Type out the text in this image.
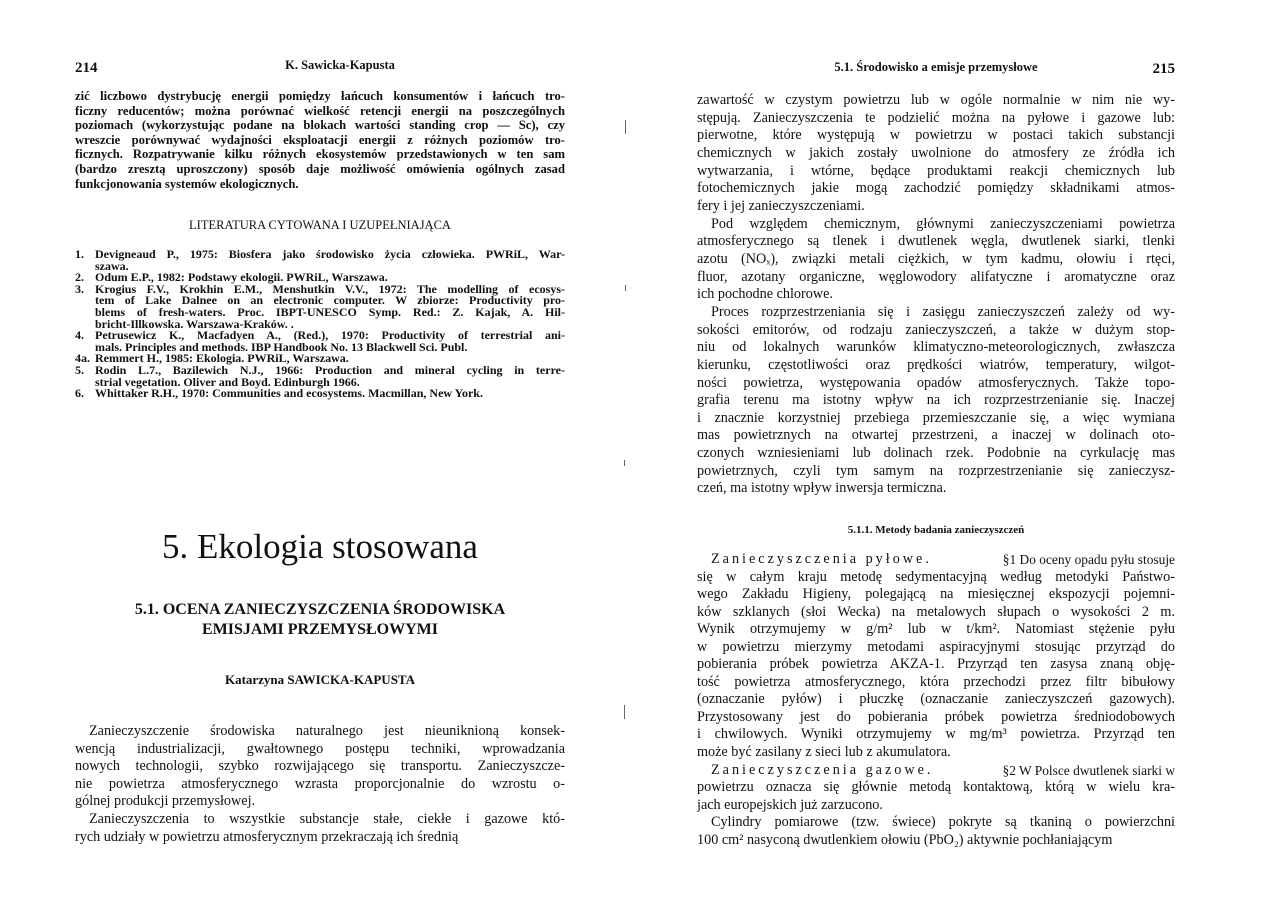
214	K. Sawicka-Kapusta
zić liczbowo dystrybucję energii pomiędzy łańcuch konsumentów i łańcuch tro-
ficzny reducentów; można porównać wielkość retencji energii na poszczególnych
poziomach (wykorzystując podane na blokach wartości standing crop — Sc), czy
wreszcie porównywać wydajności eksploatacji energii z różnych poziomów tro-
ficznych. Rozpatrywanie kilku różnych ekosystemów przedstawionych w ten sam
(bardzo zresztą uproszczony) sposób daje możliwość omówienia ogólnych zasad
funkcjonowania systemów ekologicznych.
LITERATURA CYTOWANA I UZUPEŁNIAJĄCA
1. Devigneaud P., 1975: Biosfera jako środowisko życia człowieka. PWRiL, War-
szawa.
2. Odum E.P., 1982: Podstawy ekologii. PWRiL, Warszawa.
3. Krogius F.V., Krokhin E.M., Menshutkin V.V., 1972: The modelling of ecosys-
tem of Lake Dalnee on an electronic computer. W zbiorze: Productivity pro-
blems of fresh-waters. Proc. IBPT-UNESCO Symp. Red.: Z. Kajak, A. Hil-
bricht-Illkowska. Warszawa-Kraków. .
4. Petrusewicz K., Macfadyen A., (Red.), 1970: Productivity of terrestrial ani-
mals. Principles and methods. IBP Handbook No. 13 Blackwell Sci. Publ.
4a. Remmert H., 1985: Ekologia. PWRiL, Warszawa.
5. Rodin L.7., Bazilewich N.J., 1966: Production and mineral cycling in terre-
strial vegetation. Oliver and Boyd. Edinburgh 1966.
6. Whittaker R.H., 1970: Communities and ecosystems. Macmillan, New York.
5. Ekologia stosowana
5.1. OCENA ZANIECZYSZCZENIA ŚRODOWISKA
EMISJAMI PRZEMYSŁOWYMI
Katarzyna SAWICKA-KAPUSTA
Zanieczyszczenie środowiska naturalnego jest nieuniknioną konsek-
wencją industrializacji, gwałtownego postępu techniki, wprowadzania
nowych technologii, szybko rozwijającego się transportu. Zanieczyszcze-
nie powietrza atmosferycznego wzrasta proporcjonalnie do wzrostu o-
gólnej produkcji przemysłowej.
Zanieczyszczenia to wszystkie substancje stałe, ciekłe i gazowe któ-
rych udziały w powietrzu atmosferycznym przekraczają ich średnią
5.1. Środowisko a emisje przemysłowe	215
zawartość w czystym powietrzu lub w ogóle normalnie w nim nie wy-
stępują. Zanieczyszczenia te podzielić można na pyłowe i gazowe lub:
pierwotne, które występują w powietrzu w postaci takich substancji
chemicznych w jakich zostały uwolnione do atmosfery ze źródła ich
wytwarzania, i wtórne, będące produktami reakcji chemicznych lub
fotochemicznych jakie mogą zachodzić pomiędzy składnikami atmos-
fery i jej zanieczyszczeniami.
Pod względem chemicznym, głównymi zanieczyszczeniami powietrza
atmosferycznego są tlenek i dwutlenek węgla, dwutlenek siarki, tlenki
azotu (NOₓ), związki metali ciężkich, w tym kadmu, ołowiu i rtęci,
fluor, azotany organiczne, węglowodory alifatyczne i aromatyczne oraz
ich pochodne chlorowe.
Proces rozprzestrzeniania się i zasięgu zanieczyszczeń zależy od wy-
sokości emitorów, od rodzaju zanieczyszczeń, a także w dużym stop-
niu od lokalnych warunków klimatyczno-meteorologicznych, zwłaszcza
kierunku, częstotliwości oraz prędkości wiatrów, temperatury, wilgot-
ności powietrza, występowania opadów atmosferycznych. Także topo-
grafia terenu ma istotny wpływ na ich rozprzestrzenianie się. Inaczej
i znacznie korzystniej przebiega przemieszczanie się, a więc wymiana
mas powietrznych na otwartej przestrzeni, a inaczej w dolinach oto-
czonych wzniesieniami lub dolinach rzek. Podobnie na cyrkulację mas
powietrznych, czyli tym samym na rozprzestrzenianie się zanieczysz-
czeń, ma istotny wpływ inwersja termiczna.
5.1.1. Metody badania zanieczyszczeń
Zanieczyszczenia pyłowe.	§1 Do oceny opadu pyłu stosuje
się w całym kraju metodę sedymentacyjną według metodyki Państwo-
wego Zakładu Higieny, polegającą na miesięcznej ekspozycji pojemni-
ków szklanych (słoi Wecka) na metalowych słupach o wysokości 2 m.
Wynik otrzymujemy w g/m² lub w t/km². Natomiast stężenie pyłu
w powietrzu mierzymy metodami aspiracyjnymi stosując przyrząd do
pobierania próbek powietrza AKZA-1. Przyrząd ten zasysa znaną obję-
tość powietrza atmosferycznego, która przechodzi przez filtr bibułowy
(oznaczanie pyłów) i płuczkę (oznaczanie zanieczyszczeń gazowych).
Przystosowany jest do pobierania próbek powietrza średniodobowych
i chwilowych. Wyniki otrzymujemy w mg/m³ powietrza. Przyrząd ten
może być zasilany z sieci lub z akumulatora.
Zanieczyszczenia gazowe.	§2 W Polsce dwutlenek siarki w
powietrzu oznacza się głównie metodą kontaktową, którą w wielu kra-
jach europejskich już zarzucono.
Cylindry pomiarowe (tzw. świece) pokryte są tkaniną o powierzchni
100 cm² nasyconą dwutlenkiem ołowiu (PbO₂) aktywnie pochłaniającym
